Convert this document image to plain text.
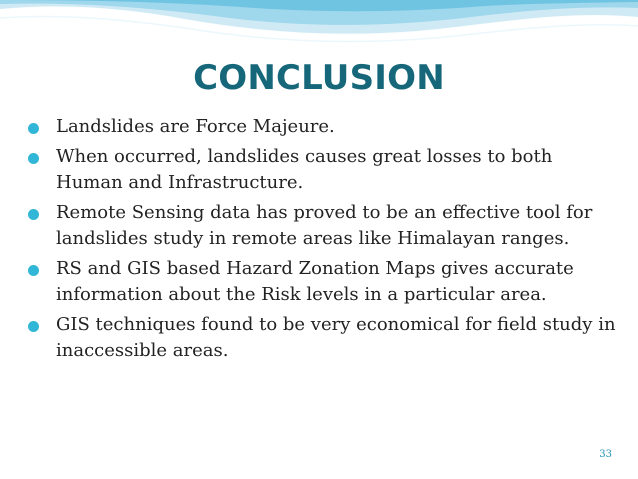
CONCLUSION
Landslides are Force Majeure.
When occurred, landslides causes great losses to both Human and Infrastructure.
Remote Sensing data has proved to be an effective tool for landslides study in remote areas like Himalayan ranges.
RS and GIS based Hazard Zonation Maps gives accurate information about the Risk levels in a particular area.
GIS techniques found to be very economical for field study in inaccessible areas.
33
